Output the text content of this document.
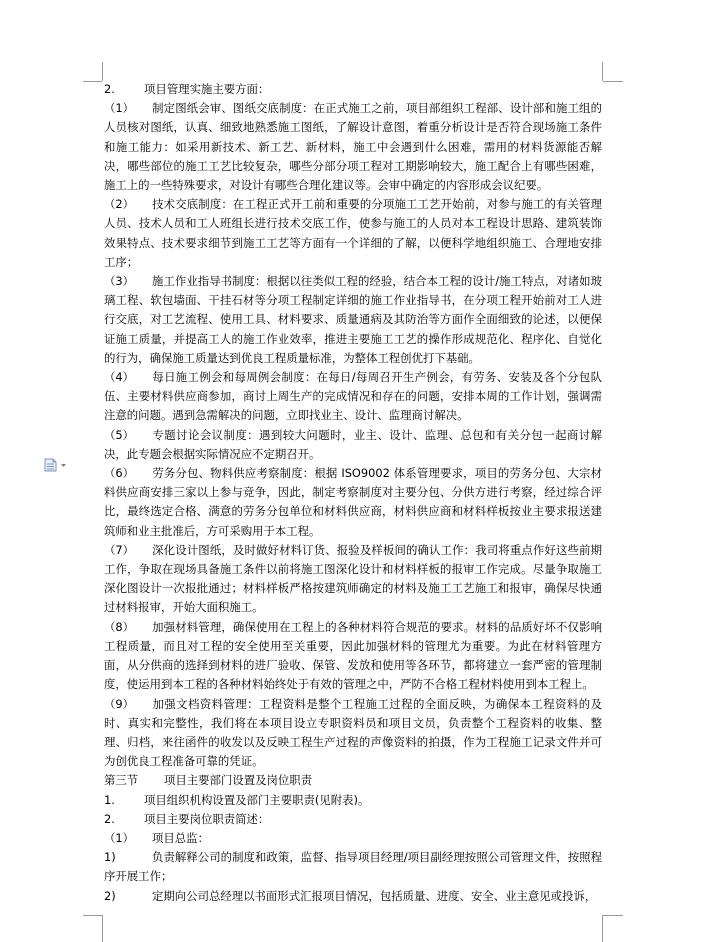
2.	项目管理实施主要方面：

（1） 制定图纸会审、图纸交底制度：在正式施工之前，项目部组织工程部、设计部和施工组的人员核对图纸，认真、细致地熟悉施工图纸，了解设计意图，着重分析设计是否符合现场施工条件和施工能力：如采用新技术、新工艺、新材料，施工中会遇到什么困难，需用的材料货源能否解决，哪些部位的施工工艺比较复杂，哪些分部分项工程对工期影响较大，施工配合上有哪些困难，施工上的一些特殊要求，对设计有哪些合理化建议等。会审中确定的内容形成会议纪要。

（2） 技术交底制度：在工程正式开工前和重要的分项施工工艺开始前，对参与施工的有关管理人员、技术人员和工人班组长进行技术交底工作，使参与施工的人员对本工程设计思路、建筑装饰效果特点、技术要求细节到施工工艺等方面有一个详细的了解，以便科学地组织施工、合理地安排工序；

（3） 施工作业指导书制度：根据以往类似工程的经验，结合本工程的设计/施工特点，对诸如玻璃工程、软包墙面、干挂石材等分项工程制定详细的施工作业指导书，在分项工程开始前对工人进行交底，对工艺流程、使用工具、材料要求、质量通病及其防治等方面作全面细致的论述，以便保证施工质量，并提高工人的施工作业效率，推进主要施工工艺的操作形成规范化、程序化、自觉化的行为，确保施工质量达到优良工程质量标准，为整体工程创优打下基础。

（4） 每日施工例会和每周例会制度：在每日/每周召开生产例会，有劳务、安装及各个分包队伍、主要材料供应商参加，商讨上周生产的完成情况和存在的问题，安排本周的工作计划，强调需注意的问题。遇到急需解决的问题，立即找业主、设计、监理商讨解决。

（5） 专题讨论会议制度：遇到较大问题时，业主、设计、监理、总包和有关分包一起商讨解决，此专题会根据实际情况应不定期召开。

（6） 劳务分包、物料供应考察制度：根据 ISO9002 体系管理要求，项目的劳务分包、大宗材料供应商安排三家以上参与竞争，因此，制定考察制度对主要分包、分供方进行考察，经过综合评比，最终选定合格、满意的劳务分包单位和材料供应商，材料供应商和材料样板按业主要求报送建筑师和业主批准后，方可采购用于本工程。

（7） 深化设计图纸，及时做好材料订货、报验及样板间的确认工作：我司将重点作好这些前期工作，争取在现场具备施工条件以前将施工图深化设计和材料样板的报审工作完成。尽量争取施工深化图设计一次报批通过；材料样板严格按建筑师确定的材料及施工工艺施工和报审，确保尽快通过材料报审，开始大面积施工。

（8） 加强材料管理，确保使用在工程上的各种材料符合规范的要求。材料的品质好坏不仅影响工程质量，而且对工程的安全使用至关重要，因此加强材料的管理尤为重要。为此在材料管理方面，从分供商的选择到材料的进厂验收、保管、发放和使用等各环节，都将建立一套严密的管理制度，使运用到本工程的各种材料始终处于有效的管理之中，严防不合格工程材料使用到本工程上。

（9） 加强文档资料管理：工程资料是整个工程施工过程的全面反映，为确保本工程资料的及时、真实和完整性，我们将在本项目设立专职资料员和项目文员，负责整个工程资料的收集、整理、归档，来往函件的收发以及反映工程生产过程的声像资料的拍摄，作为工程施工记录文件并可为创优良工程准备可靠的凭证。

第三节 项目主要部门设置及岗位职责

1.	项目组织机构设置及部门主要职责(见附表)。

2.	项目主要岗位职责简述：

（1） 项目总监：

1)	负责解释公司的制度和政策，监督、指导项目经理/项目副经理按照公司管理文件，按照程序开展工作；

2)	定期向公司总经理以书面形式汇报项目情况，包括质量、进度、安全、业主意见或投诉，
